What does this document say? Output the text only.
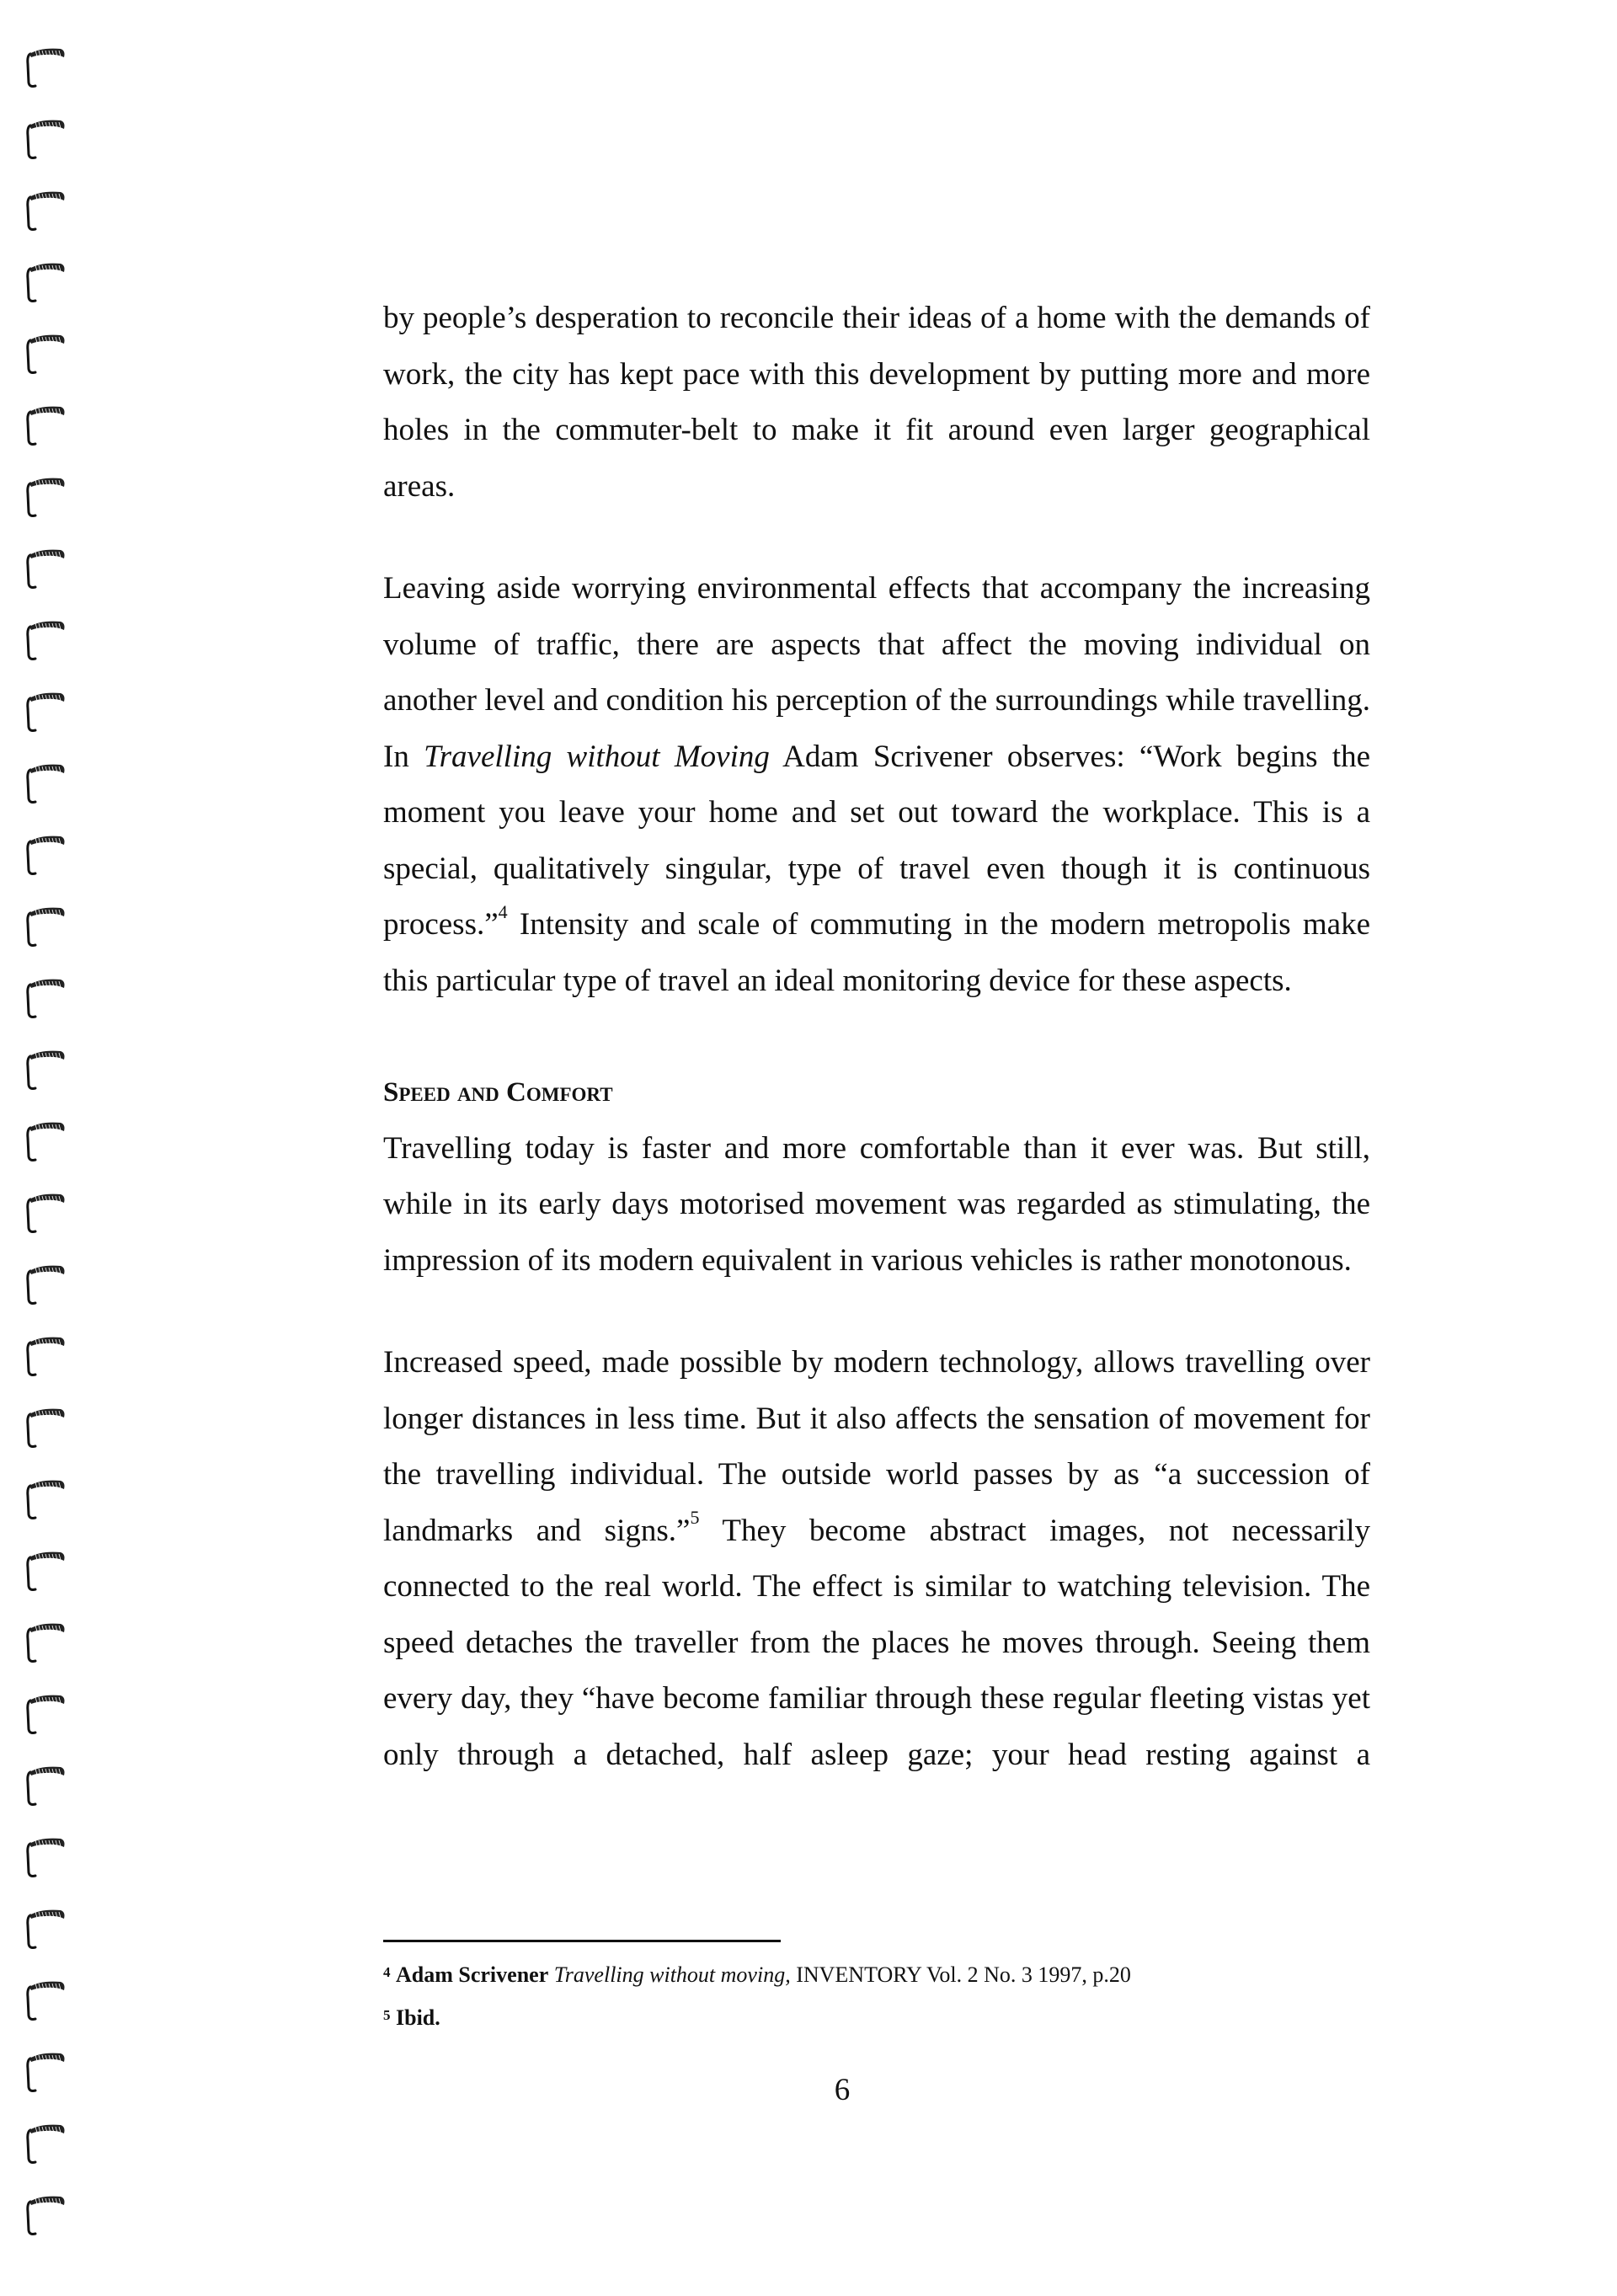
by people’s desperation to reconcile their ideas of a home with the demands of work, the city has kept pace with this development by putting more and more holes in the commuter-belt to make it fit around even larger geographical areas.

Leaving aside worrying environmental effects that accompany the increasing volume of traffic, there are aspects that affect the moving individual on another level and condition his perception of the surroundings while travelling. In Travelling without Moving Adam Scrivener observes: “Work begins the moment you leave your home and set out toward the workplace. This is a special, qualitatively singular, type of travel even though it is continuous process.”$^4$ Intensity and scale of commuting in the modern metropolis make this particular type of travel an ideal monitoring device for these aspects.

Speed and Comfort

Travelling today is faster and more comfortable than it ever was. But still, while in its early days motorised movement was regarded as stimulating, the impression of its modern equivalent in various vehicles is rather monotonous.

Increased speed, made possible by modern technology, allows travelling over longer distances in less time. But it also affects the sensation of movement for the travelling individual. The outside world passes by as “a succession of landmarks and signs.”$^5$ They become abstract images, not necessarily connected to the real world. The effect is similar to watching television. The speed detaches the traveller from the places he moves through. Seeing them every day, they “have become familiar through these regular fleeting vistas yet only through a detached, half asleep gaze; your head resting against a

$^4$ Adam Scrivener Travelling without moving, INVENTORY Vol. 2 No. 3 1997, p.20
$^5$ Ibid.
6
